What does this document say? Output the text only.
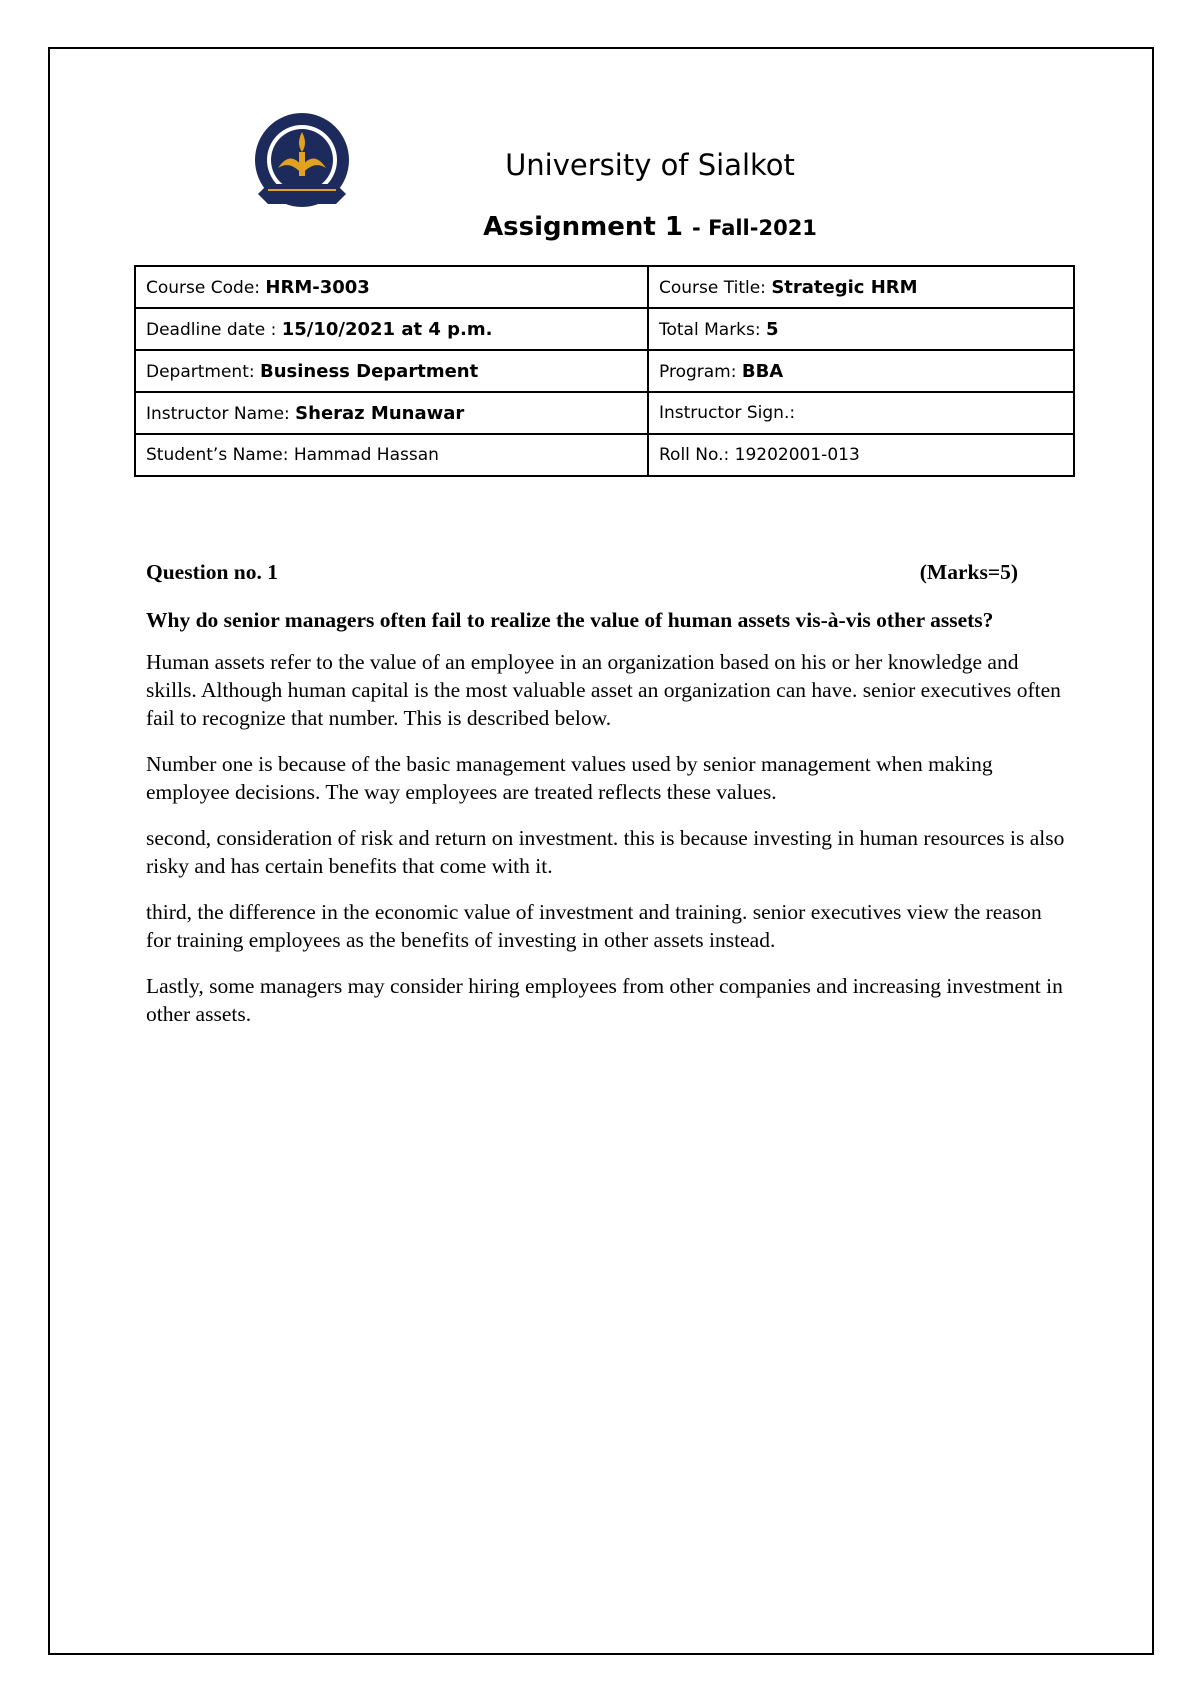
University of Sialkot
Assignment 1 - Fall-2021
Course Code: HRM-3003	Course Title: Strategic HRM
Deadline date : 15/10/2021 at 4 p.m.	Total Marks: 5
Department: Business Department	Program: BBA
Instructor Name: Sheraz Munawar	Instructor Sign.:
Student’s Name: Hammad Hassan	Roll No.: 19202001-013
Question no. 1	(Marks=5)
Why do senior managers often fail to realize the value of human assets vis-à-vis other assets?

Human assets refer to the value of an employee in an organization based on his or her knowledge and skills. Although human capital is the most valuable asset an organization can have. senior executives often fail to recognize that number. This is described below.

Number one is because of the basic management values used by senior management when making employee decisions. The way employees are treated reflects these values.

second, consideration of risk and return on investment. this is because investing in human resources is also risky and has certain benefits that come with it.

third, the difference in the economic value of investment and training. senior executives view the reason for training employees as the benefits of investing in other assets instead.

Lastly, some managers may consider hiring employees from other companies and increasing investment in other assets.
